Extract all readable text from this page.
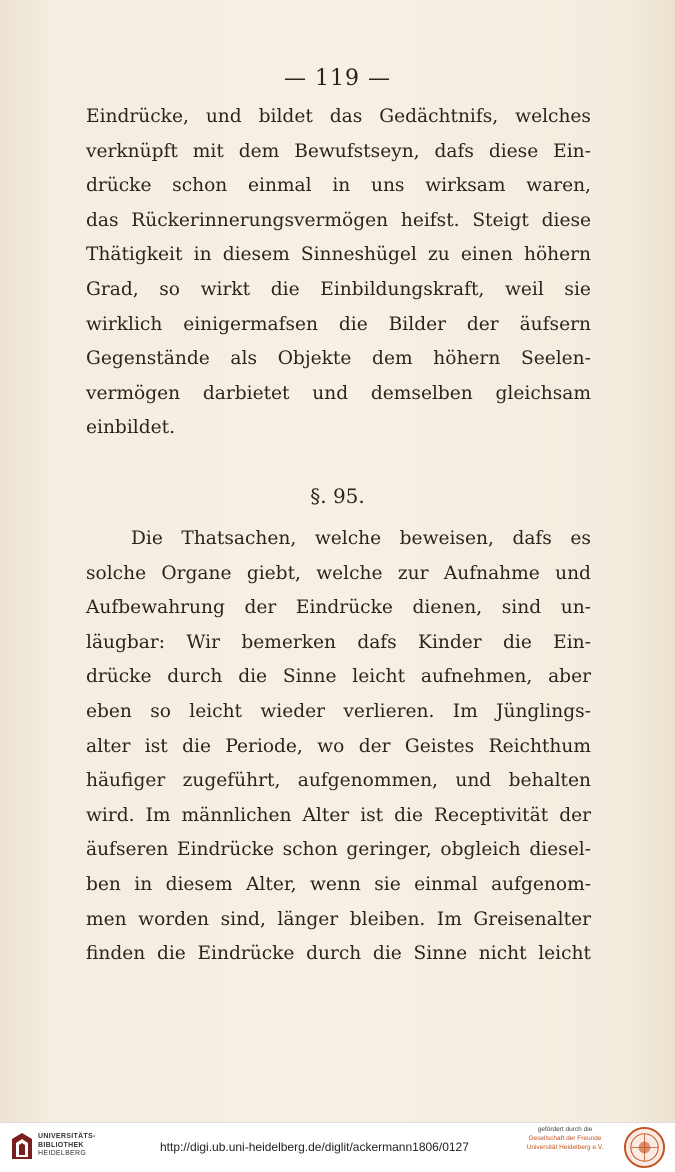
— 119 —
Eindrücke, und bildet das Gedächtnifs, welches
verknüpft mit dem Bewufstseyn, dafs diese Ein-
drücke schon einmal in uns wirksam waren,
das Rückerinnerungsvermögen heifst. Steigt diese
Thätigkeit in diesem Sinneshügel zu einen höhern
Grad, so wirkt die Einbildungskraft, weil sie
wirklich einigermafsen die Bilder der äufsern
Gegenstände als Objekte dem höhern Seelen-
vermögen darbietet und demselben gleichsam
einbildet.
§. 95.
Die Thatsachen, welche beweisen, dafs es
solche Organe giebt, welche zur Aufnahme und
Aufbewahrung der Eindrücke dienen, sind un-
läugbar: Wir bemerken dafs Kinder die Ein-
drücke durch die Sinne leicht aufnehmen, aber
eben so leicht wieder verlieren. Im Jünglings-
alter ist die Periode, wo der Geistes Reichthum
häufiger zugeführt, aufgenommen, und behalten
wird. Im männlichen Alter ist die Receptivität der
äufseren Eindrücke schon geringer, obgleich diesel-
ben in diesem Alter, wenn sie einmal aufgenom-
men worden sind, länger bleiben. Im Greisenalter
finden die Eindrücke durch die Sinne nicht leicht
UNIVERSITÄTS-
BIBLIOTHEK
HEIDELBERG	http://digi.ub.uni-heidelberg.de/diglit/ackermann1806/0127
gefördert durch die
Gesellschaft der Freunde
Universität Heidelberg e.V.
